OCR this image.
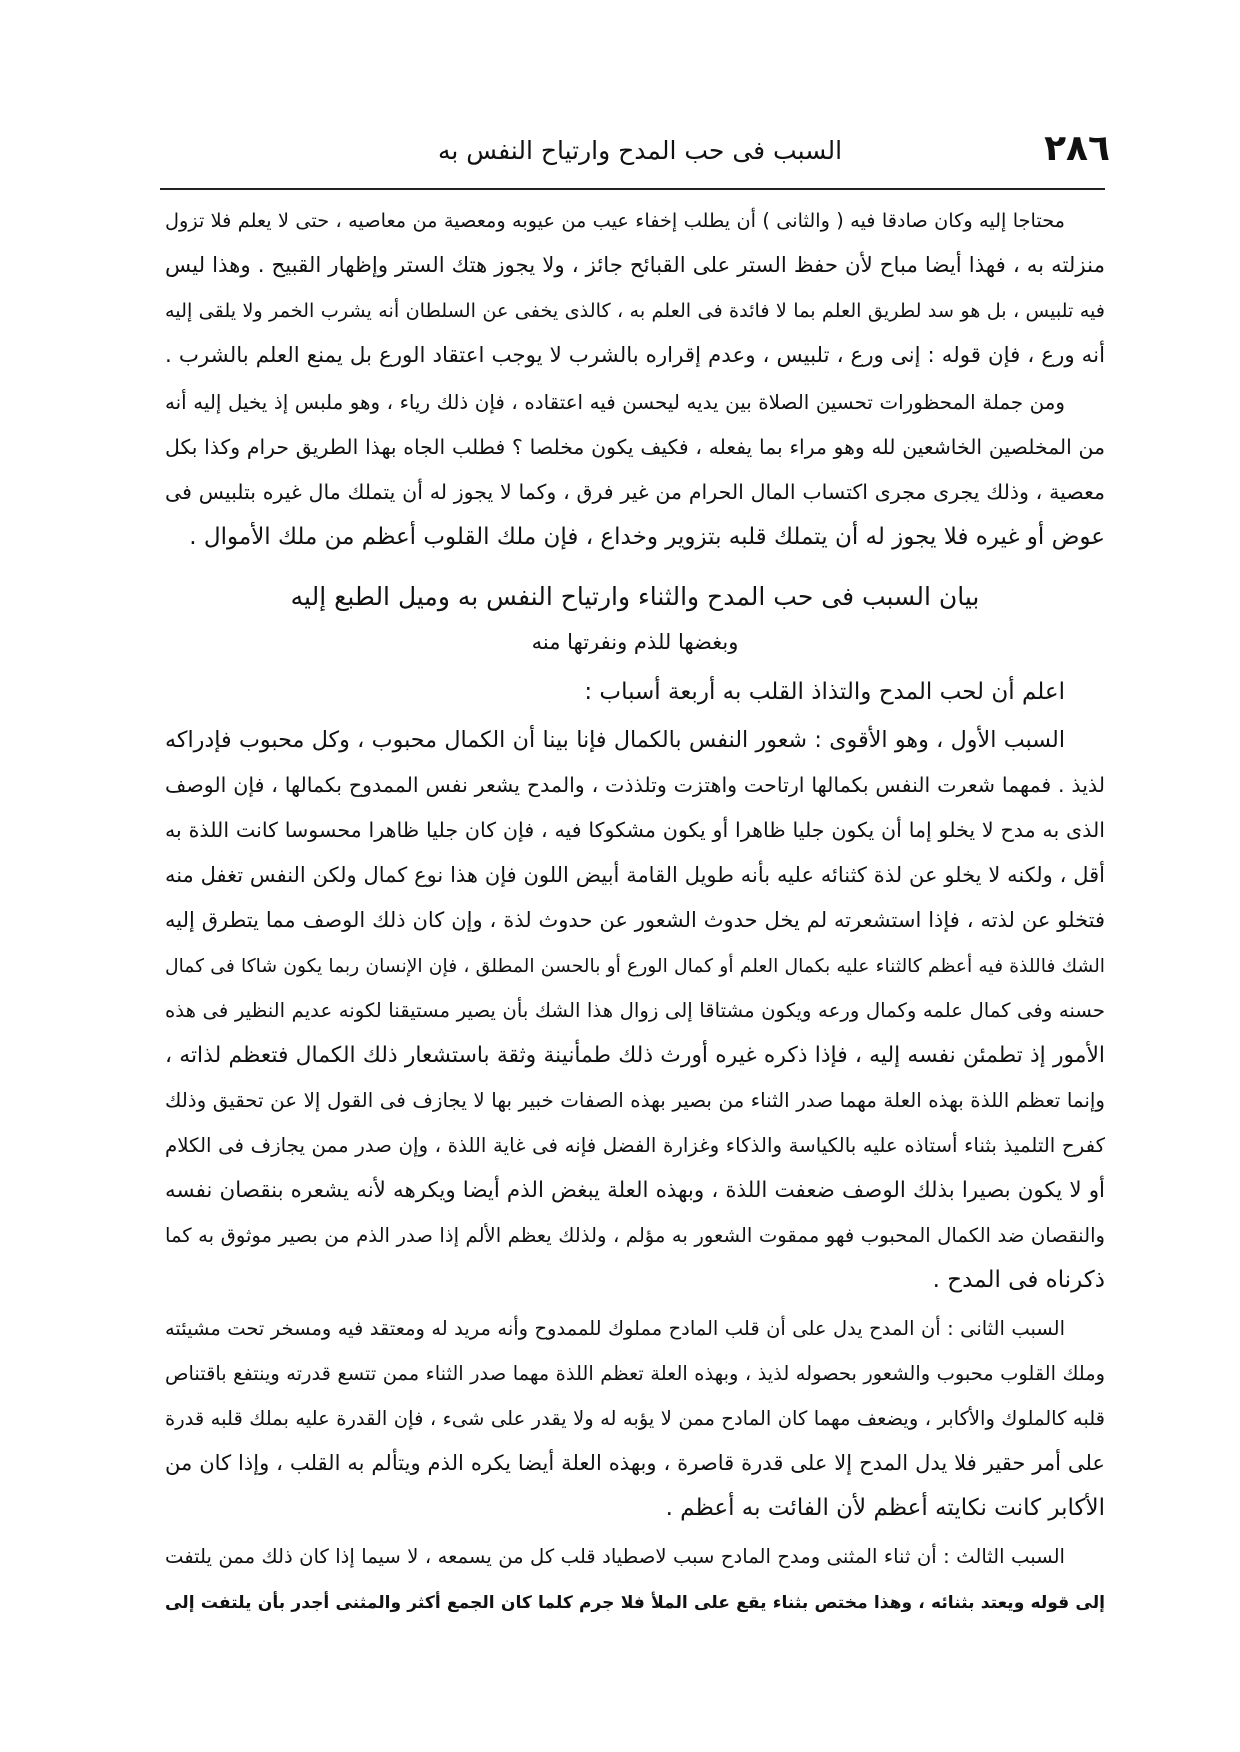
٢٨٦
السبب فى حب المدح وارتياح النفس به
محتاجا إليه وكان صادقا فيه ( والثانى ) أن يطلب إخفاء عيب من عيوبه ومعصية من معاصيه ، حتى لا يعلم فلا تزول
منزلته به ، فهذا أيضا مباح لأن حفظ الستر على القبائح جائز ، ولا يجوز هتك الستر وإظهار القبيح . وهذا ليس
فيه تلبيس ، بل هو سد لطريق العلم بما لا فائدة فى العلم به ، كالذى يخفى عن السلطان أنه يشرب الخمر ولا يلقى إليه
أنه ورع ، فإن قوله : إنى ورع ، تلبيس ، وعدم إقراره بالشرب لا يوجب اعتقاد الورع بل يمنع العلم بالشرب .
ومن جملة المحظورات تحسين الصلاة بين يديه ليحسن فيه اعتقاده ، فإن ذلك رياء ، وهو ملبس إذ يخيل إليه أنه
من المخلصين الخاشعين لله وهو مراء بما يفعله ، فكيف يكون مخلصا ؟ فطلب الجاه بهذا الطريق حرام وكذا بكل
معصية ، وذلك يجرى مجرى اكتساب المال الحرام من غير فرق ، وكما لا يجوز له أن يتملك مال غيره بتلبيس فى
عوض أو غيره فلا يجوز له أن يتملك قلبه بتزوير وخداع ، فإن ملك القلوب أعظم من ملك الأموال .
بيان السبب فى حب المدح والثناء وارتياح النفس به وميل الطبع إليه
وبغضها للذم ونفرتها منه
اعلم أن لحب المدح والتذاذ القلب به أربعة أسباب :
السبب الأول ، وهو الأقوى : شعور النفس بالكمال فإنا بينا أن الكمال محبوب ، وكل محبوب فإدراكه
لذيذ . فمهما شعرت النفس بكمالها ارتاحت واهتزت وتلذذت ، والمدح يشعر نفس الممدوح بكمالها ، فإن الوصف
الذى به مدح لا يخلو إما أن يكون جليا ظاهرا أو يكون مشكوكا فيه ، فإن كان جليا ظاهرا محسوسا كانت اللذة به
أقل ، ولكنه لا يخلو عن لذة كثنائه عليه بأنه طويل القامة أبيض اللون فإن هذا نوع كمال ولكن النفس تغفل منه
فتخلو عن لذته ، فإذا استشعرته لم يخل حدوث الشعور عن حدوث لذة ، وإن كان ذلك الوصف مما يتطرق إليه
الشك فاللذة فيه أعظم كالثناء عليه بكمال العلم أو كمال الورع أو بالحسن المطلق ، فإن الإنسان ربما يكون شاكا فى كمال
حسنه وفى كمال علمه وكمال ورعه ويكون مشتاقا إلى زوال هذا الشك بأن يصير مستيقنا لكونه عديم النظير فى هذه
الأمور إذ تطمئن نفسه إليه ، فإذا ذكره غيره أورث ذلك طمأنينة وثقة باستشعار ذلك الكمال فتعظم لذاته ،
وإنما تعظم اللذة بهذه العلة مهما صدر الثناء من بصير بهذه الصفات خبير بها لا يجازف فى القول إلا عن تحقيق وذلك
كفرح التلميذ بثناء أستاذه عليه بالكياسة والذكاء وغزارة الفضل فإنه فى غاية اللذة ، وإن صدر ممن يجازف فى الكلام
أو لا يكون بصيرا بذلك الوصف ضعفت اللذة ، وبهذه العلة يبغض الذم أيضا ويكرهه لأنه يشعره بنقصان نفسه
والنقصان ضد الكمال المحبوب فهو ممقوت الشعور به مؤلم ، ولذلك يعظم الألم إذا صدر الذم من بصير موثوق به كما
ذكرناه فى المدح .
السبب الثانى : أن المدح يدل على أن قلب المادح مملوك للممدوح وأنه مريد له ومعتقد فيه ومسخر تحت مشيئته
وملك القلوب محبوب والشعور بحصوله لذيذ ، وبهذه العلة تعظم اللذة مهما صدر الثناء ممن تتسع قدرته وينتفع باقتناص
قلبه كالملوك والأكابر ، ويضعف مهما كان المادح ممن لا يؤبه له ولا يقدر على شىء ، فإن القدرة عليه بملك قلبه قدرة
على أمر حقير فلا يدل المدح إلا على قدرة قاصرة ، وبهذه العلة أيضا يكره الذم ويتألم به القلب ، وإذا كان من
الأكابر كانت نكايته أعظم لأن الفائت به أعظم .
السبب الثالث : أن ثناء المثنى ومدح المادح سبب لاصطياد قلب كل من يسمعه ، لا سيما إذا كان ذلك ممن يلتفت
إلى قوله ويعتد بثنائه ، وهذا مختص بثناء يقع على الملأ فلا جرم كلما كان الجمع أكثر والمثنى أجدر بأن يلتفت إلى
